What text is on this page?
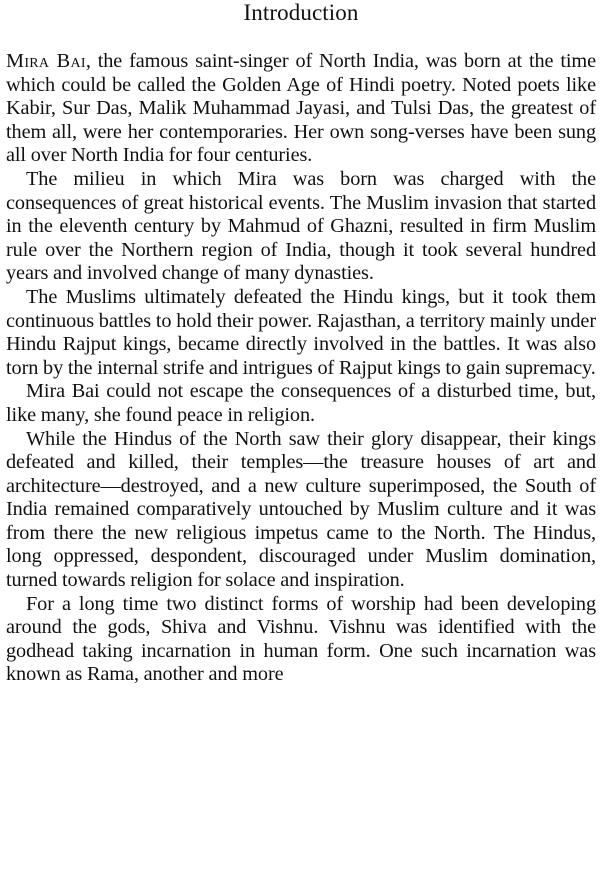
Introduction

Mira Bai, the famous saint-singer of North India, was born at the time which could be called the Golden Age of Hindi poetry. Noted poets like Kabir, Sur Das, Malik Muhammad Jayasi, and Tulsi Das, the greatest of them all, were her contemporaries. Her own song-verses have been sung all over North India for four centuries.

The milieu in which Mira was born was charged with the consequences of great historical events. The Muslim invasion that started in the eleventh century by Mahmud of Ghazni, resulted in firm Muslim rule over the Northern region of India, though it took several hundred years and involved change of many dynasties.

The Muslims ultimately defeated the Hindu kings, but it took them continuous battles to hold their power. Rajasthan, a territory mainly under Hindu Rajput kings, became directly involved in the battles. It was also torn by the internal strife and intrigues of Rajput kings to gain supremacy.

Mira Bai could not escape the consequences of a disturbed time, but, like many, she found peace in religion.

While the Hindus of the North saw their glory disappear, their kings defeated and killed, their temples—the treasure houses of art and architecture—destroyed, and a new culture superimposed, the South of India remained comparatively untouched by Muslim culture and it was from there the new religious impetus came to the North. The Hindus, long oppressed, despondent, discouraged under Muslim domination, turned towards religion for solace and inspiration.

For a long time two distinct forms of worship had been developing around the gods, Shiva and Vishnu. Vishnu was identified with the godhead taking incarnation in human form. One such incarnation was known as Rama, another and more
